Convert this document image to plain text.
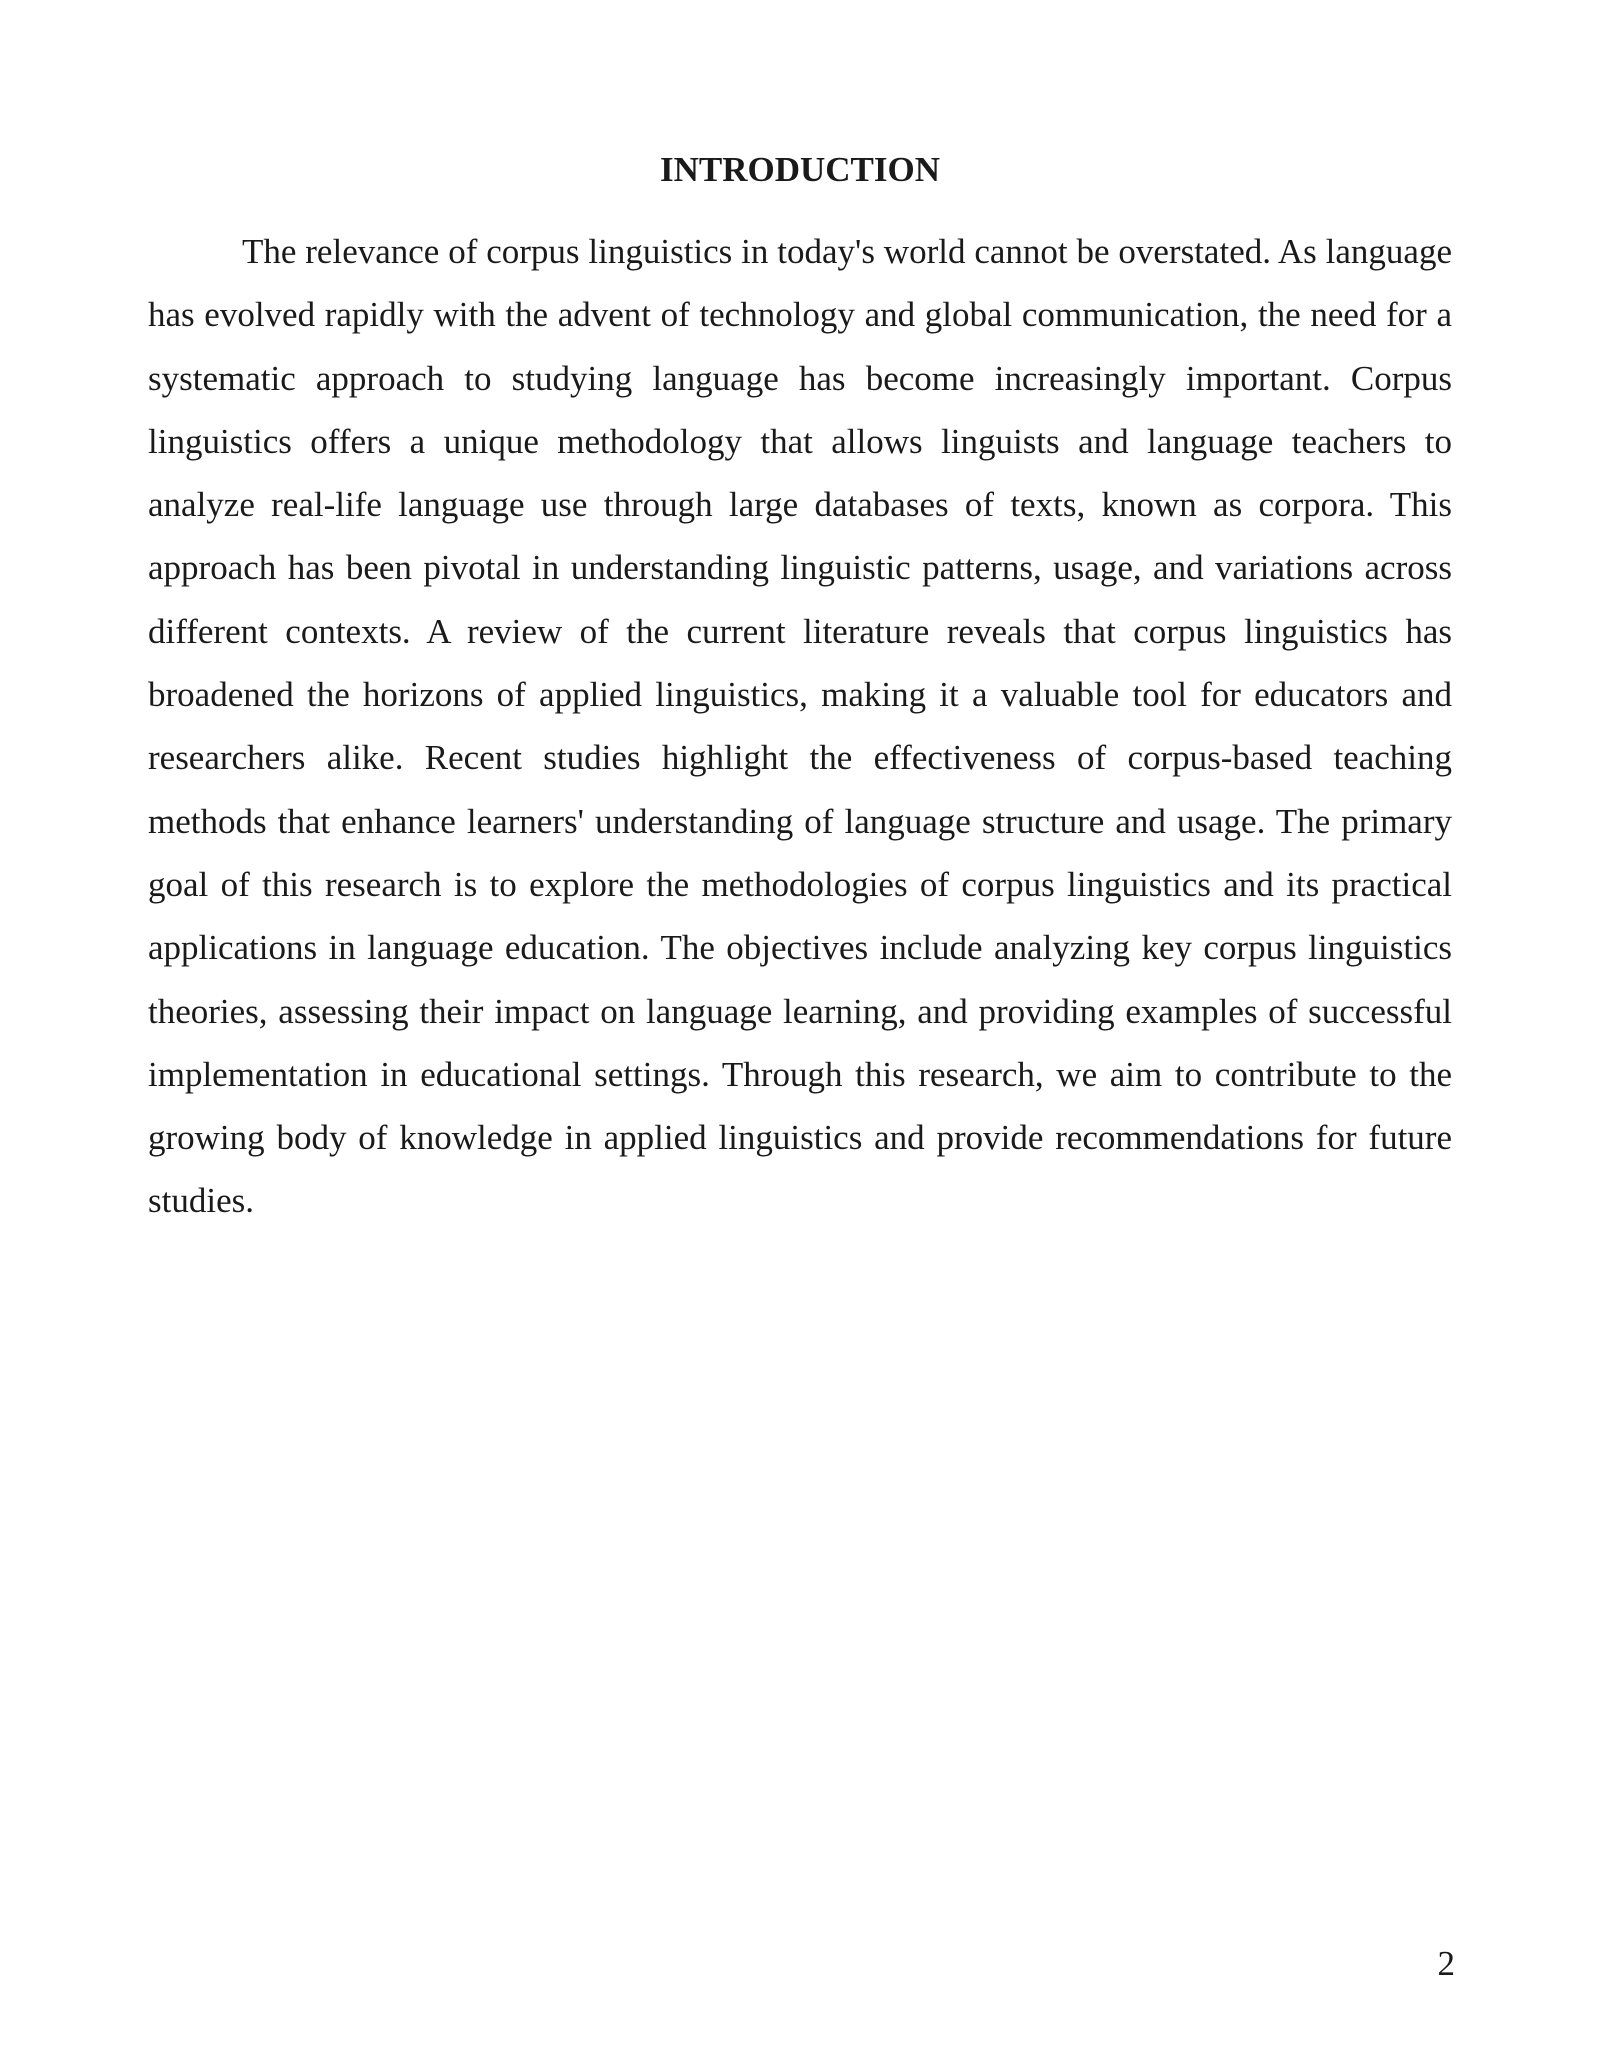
INTRODUCTION

The relevance of corpus linguistics in today's world cannot be overstated. As language has evolved rapidly with the advent of technology and global communication, the need for a systematic approach to studying language has become increasingly important. Corpus linguistics offers a unique methodology that allows linguists and language teachers to analyze real-life language use through large databases of texts, known as corpora. This approach has been pivotal in understanding linguistic patterns, usage, and variations across different contexts. A review of the current literature reveals that corpus linguistics has broadened the horizons of applied linguistics, making it a valuable tool for educators and researchers alike. Recent studies highlight the effectiveness of corpus-based teaching methods that enhance learners' understanding of language structure and usage. The primary goal of this research is to explore the methodologies of corpus linguistics and its practical applications in language education. The objectives include analyzing key corpus linguistics theories, assessing their impact on language learning, and providing examples of successful implementation in educational settings. Through this research, we aim to contribute to the growing body of knowledge in applied linguistics and provide recommendations for future studies.

2
